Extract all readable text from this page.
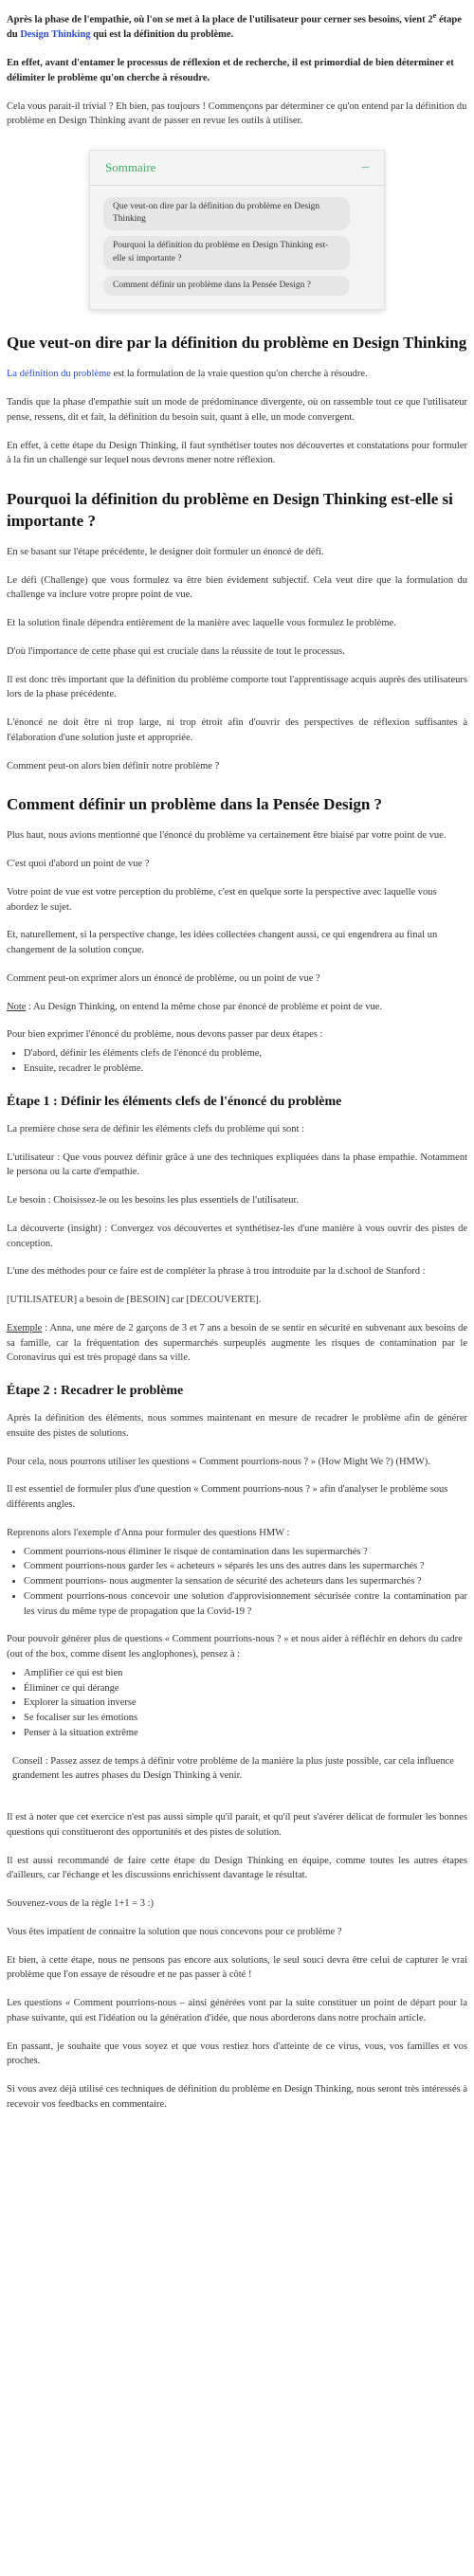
Après la phase de l'empathie, où l'on se met à la place de l'utilisateur pour cerner ses besoins, vient 2e étape du Design Thinking qui est la définition du problème.

En effet, avant d'entamer le processus de réflexion et de recherche, il est primordial de bien déterminer et délimiter le problème qu'on cherche à résoudre.

Cela vous parait-il trivial ? Eh bien, pas toujours ! Commençons par déterminer ce qu'on entend par la définition du problème en Design Thinking avant de passer en revue les outils à utiliser.

Sommaire	–
Que veut-on dire par la définition du problème en Design Thinking
Pourquoi la définition du problème en Design Thinking est-elle si importante ?
Comment définir un problème dans la Pensée Design ?
Que veut-on dire par la définition du problème en Design Thinking

La définition du problème est la formulation de la vraie question qu'on cherche à résoudre.

Tandis que la phase d'empathie suit un mode de prédominance divergente, où on rassemble tout ce que l'utilisateur pense, ressens, dit et fait, la définition du besoin suit, quant à elle, un mode convergent.

En effet, à cette étape du Design Thinking, il faut synthétiser toutes nos découvertes et constatations pour formuler à la fin un challenge sur lequel nous devrons mener notre réflexion.

Pourquoi la définition du problème en Design Thinking est-elle si importante ?

En se basant sur l'étape précédente, le designer doit formuler un énoncé de défi.

Le défi (Challenge) que vous formulez va être bien évidement subjectif. Cela veut dire que la formulation du challenge va inclure votre propre point de vue.

Et la solution finale dépendra entièrement de la manière avec laquelle vous formulez le problème.

D'où l'importance de cette phase qui est cruciale dans la réussite de tout le processus.

Il est donc très important que la définition du problème comporte tout l'apprentissage acquis auprès des utilisateurs lors de la phase précédente.

L'énoncé ne doit être ni trop large, ni trop étroit afin d'ouvrir des perspectives de réflexion suffisantes à l'élaboration d'une solution juste et appropriée.

Comment peut-on alors bien définir notre problème ?

Comment définir un problème dans la Pensée Design ?

Plus haut, nous avions mentionné que l'énoncé du problème va certainement être biaisé par votre point de vue.

C'est quoi d'abord un point de vue ?

Votre point de vue est votre perception du problème, c'est en quelque sorte la perspective avec laquelle vous abordez le sujet.

Et, naturellement, si la perspective change, les idées collectées changent aussi, ce qui engendrera au final un changement de la solution conçue.

Comment peut-on exprimer alors un énoncé de problème, ou un point de vue ?

Note : Au Design Thinking, on entend la même chose par énoncé de problème et point de vue.

Pour bien exprimer l'énoncé du problème, nous devons passer par deux étapes :

• D'abord, définir les éléments clefs de l'énoncé du problème,
• Ensuite, recadrer le problème.
Étape 1 : Définir les éléments clefs de l'énoncé du problème

La première chose sera de définir les éléments clefs du problème qui sont :

L'utilisateur : Que vous pouvez définir grâce à une des techniques expliquées dans la phase empathie. Notamment le persona ou la carte d'empathie.

Le besoin : Choisissez-le ou les besoins les plus essentiels de l'utilisateur.

La découverte (insight) : Convergez vos découvertes et synthétisez-les d'une manière à vous ouvrir des pistes de conception.

L'une des méthodes pour ce faire est de compléter la phrase à trou introduite par la d.school de Stanford :

[UTILISATEUR] a besoin de [BESOIN] car [DECOUVERTE].

Exemple : Anna, une mère de 2 garçons de 3 et 7 ans a besoin de se sentir en sécurité en subvenant aux besoins de sa famille, car la fréquentation des supermarchés surpeuplés augmente les risques de contamination par le Coronavirus qui est très propagé dans sa ville.

Étape 2 : Recadrer le problème

Après la définition des éléments, nous sommes maintenant en mesure de recadrer le problème afin de générer ensuite des pistes de solutions.

Pour cela, nous pourrons utiliser les questions « Comment pourrions-nous ? » (How Might We ?) (HMW).

Il est essentiel de formuler plus d'une question « Comment pourrions-nous ? » afin d'analyser le problème sous différents angles.

Reprenons alors l'exemple d'Anna pour formuler des questions HMW :

• Comment pourrions-nous éliminer le risque de contamination dans les supermarchés ?
• Comment pourrions-nous garder les « acheteurs » séparés les uns des autres dans les supermarchés ?
• Comment pourrions- nous augmenter la sensation de sécurité des acheteurs dans les supermarchés ?
• Comment pourrions-nous concevoir une solution d'approvisionnement sécurisée contre la contamination par les virus du même type de propagation que la Covid-19 ?

Pour pouvoir générer plus de questions « Comment pourrions-nous ? » et nous aider à réfléchir en dehors du cadre (out of the box, comme disent les anglophones), pensez à :

• Amplifier ce qui est bien
• Éliminer ce qui dérange
• Explorer la situation inverse
• Se focaliser sur les émotions
• Penser à la situation extrême

Conseil : Passez assez de temps à définir votre problème de la manière la plus juste possible, car cela influence grandement les autres phases du Design Thinking à venir.

Il est à noter que cet exercice n'est pas aussi simple qu'il parait, et qu'il peut s'avérer délicat de formuler les bonnes questions qui constitueront des opportunités et des pistes de solution.

Il est aussi recommandé de faire cette étape du Design Thinking en équipe, comme toutes les autres étapes d'ailleurs, car l'échange et les discussions enrichissent davantage le résultat.

Souvenez-vous de la règle 1+1 = 3 :)

Vous êtes impatient de connaitre la solution que nous concevons pour ce problème ?

Et bien, à cette étape, nous ne pensons pas encore aux solutions, le seul souci devra être celui de capturer le vrai problème que l'on essaye de résoudre et ne pas passer à côté !

Les questions « Comment pourrions-nous – ainsi générées vont par la suite constituer un point de départ pour la phase suivante, qui est l'idéation ou la génération d'idée, que nous aborderons dans notre prochain article.

En passant, je souhaite que vous soyez et que vous restiez hors d'atteinte de ce virus, vous, vos familles et vos proches.

Si vous avez déjà utilisé ces techniques de définition du problème en Design Thinking, nous seront très intéressés à recevoir vos feedbacks en commentaire.
